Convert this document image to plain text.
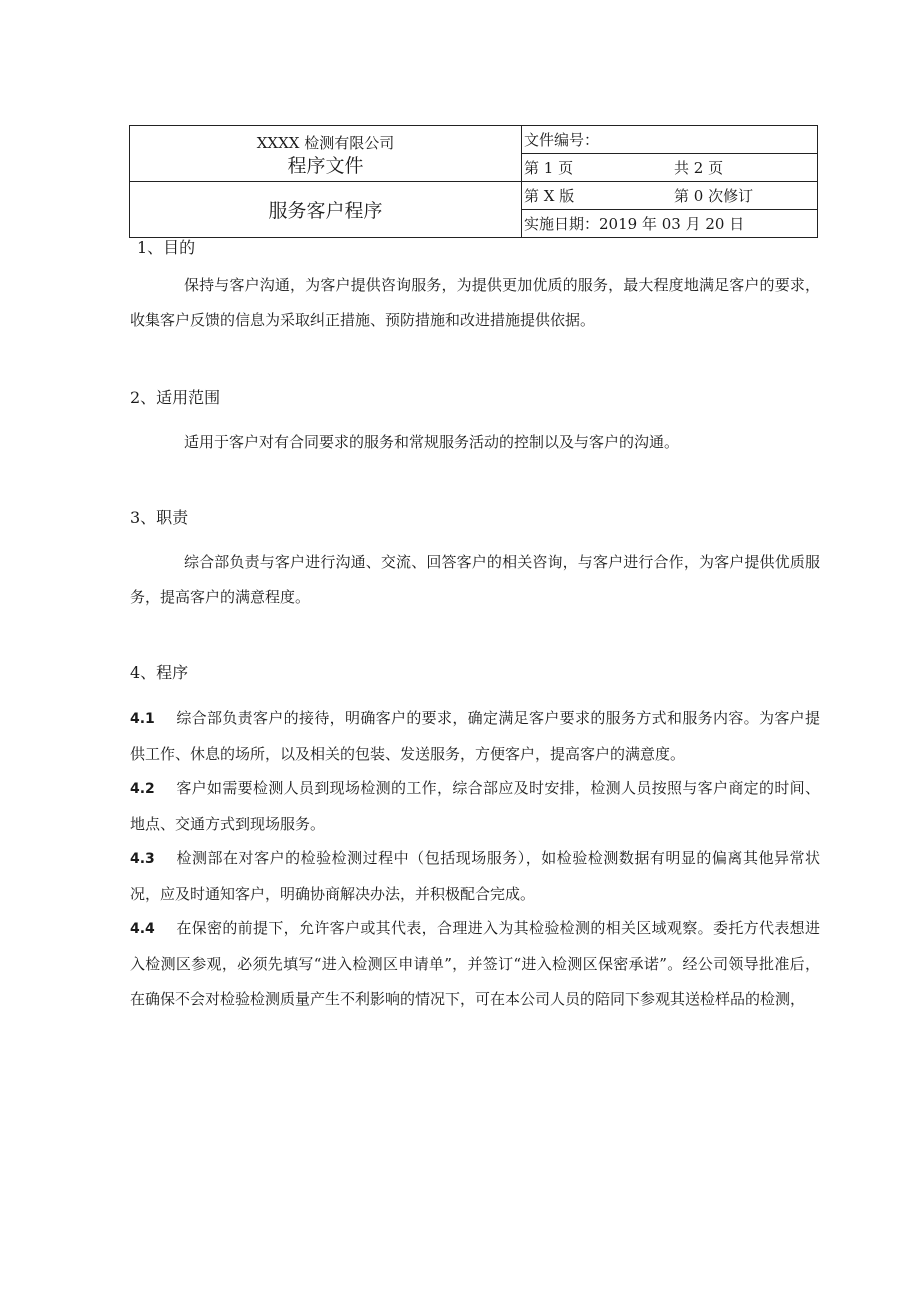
XXXX 检测有限公司
程序文件	文件编号：
	第 1 页 共 2 页
服务客户程序	第 X 版 第 0 次修订
	实施日期：2019 年 03 月 20 日

1、目的

保持与客户沟通，为客户提供咨询服务，为提供更加优质的服务，最大程度地满足客户的要求，收集客户反馈的信息为采取纠正措施、预防措施和改进措施提供依据。

2、适用范围

适用于客户对有合同要求的服务和常规服务活动的控制以及与客户的沟通。

3、职责

综合部负责与客户进行沟通、交流、回答客户的相关咨询，与客户进行合作，为客户提供优质服务，提高客户的满意程度。

4、程序

4.1 综合部负责客户的接待，明确客户的要求，确定满足客户要求的服务方式和服务内容。为客户提供工作、休息的场所，以及相关的包装、发送服务，方便客户，提高客户的满意度。

4.2 客户如需要检测人员到现场检测的工作，综合部应及时安排，检测人员按照与客户商定的时间、地点、交通方式到现场服务。

4.3 检测部在对客户的检验检测过程中（包括现场服务），如检验检测数据有明显的偏离其他异常状况，应及时通知客户，明确协商解决办法，并积极配合完成。

4.4 在保密的前提下，允许客户或其代表，合理进入为其检验检测的相关区域观察。委托方代表想进入检测区参观，必须先填写“进入检测区申请单”，并签订“进入检测区保密承诺”。经公司领导批准后，在确保不会对检验检测质量产生不利影响的情况下，可在本公司人员的陪同下参观其送检样品的检测，
